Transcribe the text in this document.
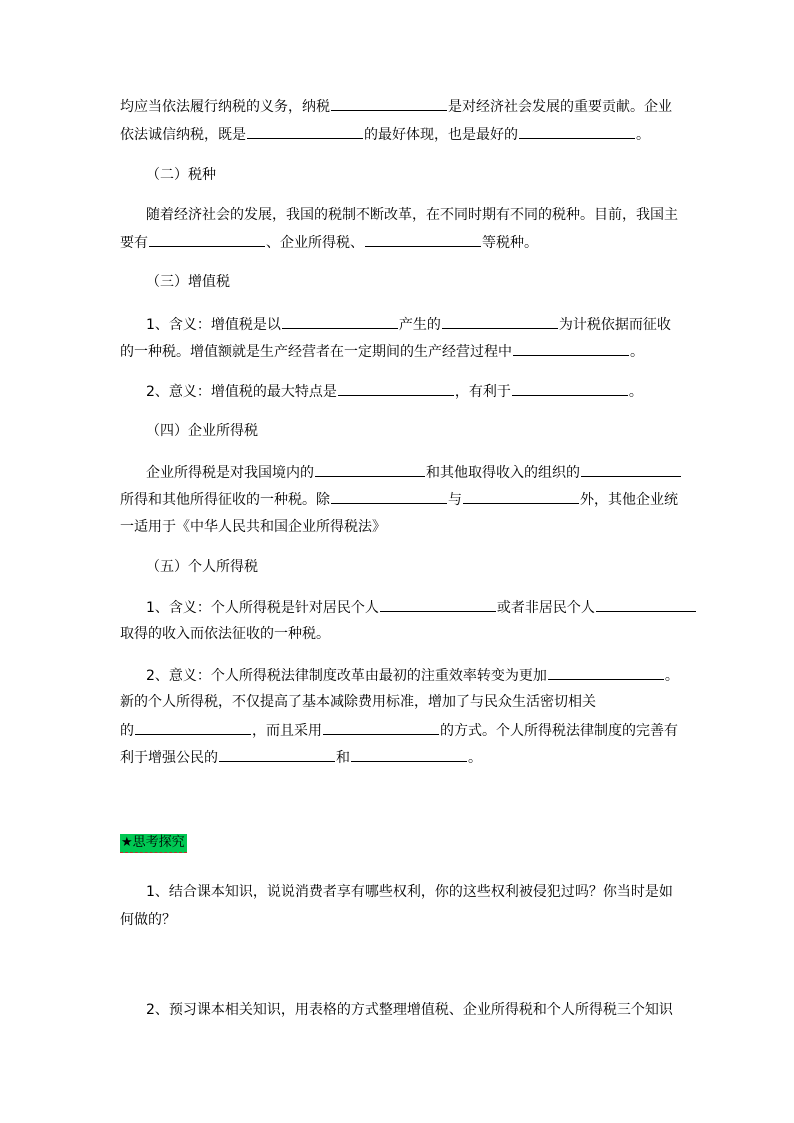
均应当依法履行纳税的义务，纳税	是对经济社会发展的重要贡献。企业
依法诚信纳税，既是	的最好体现，也是最好的	。
（二）税种
随着经济社会的发展，我国的税制不断改革，在不同时期有不同的税种。目前，我国主
要有	、企业所得税、	等税种。
（三）增值税
1、含义：增值税是以	产生的	为计税依据而征收
的一种税。增值额就是生产经营者在一定期间的生产经营过程中	。
2、意义：增值税的最大特点是	，有利于	。
（四）企业所得税
企业所得税是对我国境内的	和其他取得收入的组织的
所得和其他所得征收的一种税。除	与	外，其他企业统
一适用于《中华人民共和国企业所得税法》
（五）个人所得税
1、含义：个人所得税是针对居民个人	或者非居民个人
取得的收入而依法征收的一种税。
2、意义：个人所得税法律制度改革由最初的注重效率转变为更加	。
新的个人所得税，不仅提高了基本减除费用标准，增加了与民众生活密切相关
的	，而且采用	的方式。个人所得税法律制度的完善有
利于增强公民的	和	。
★思考探究
1、结合课本知识，说说消费者享有哪些权利，你的这些权利被侵犯过吗？你当时是如
何做的？
2、预习课本相关知识，用表格的方式整理增值税、企业所得税和个人所得税三个知识
